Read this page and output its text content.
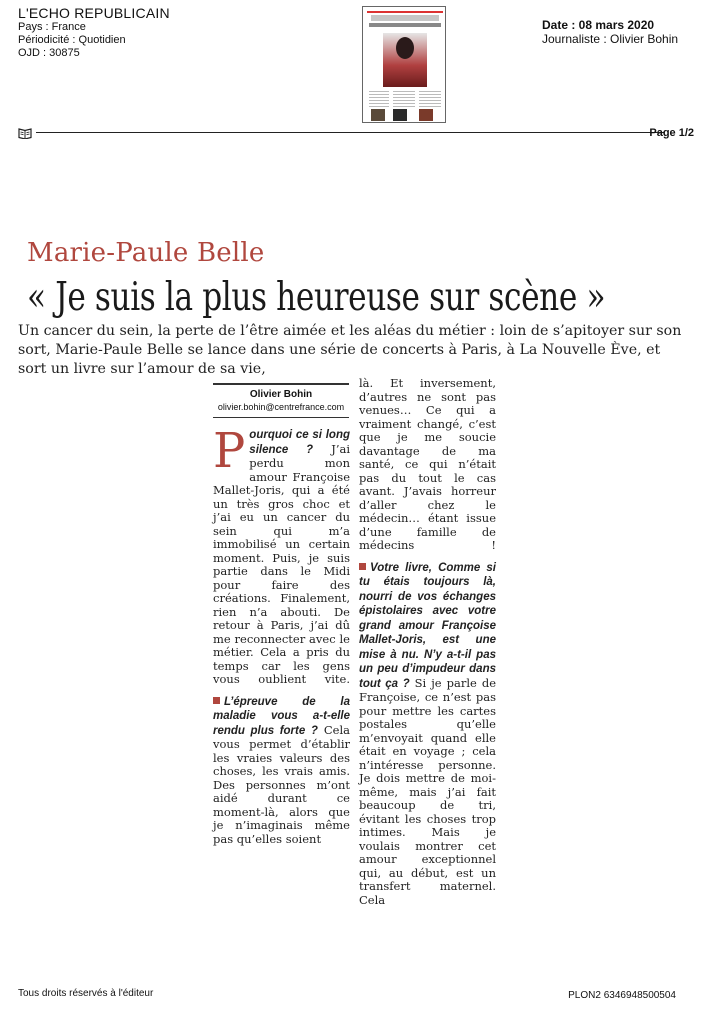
L'ECHO REPUBLICAIN
Pays : France
Périodicité : Quotidien
OJD : 30875
Date : 08 mars 2020
Journaliste : Olivier Bohin
Page 1/2
Marie-Paule Belle
« Je suis la plus heureuse sur scène »
Un cancer du sein, la perte de l’être aimée et les aléas du métier : loin de s’apitoyer sur son sort, Marie-Paule Belle se lance dans une série de concerts à Paris, à La Nouvelle Ève, et sort un livre sur l’amour de sa vie,
Olivier Bohin
olivier.bohin@centrefrance.com

P ourquoi ce si long silence ? J’ai perdu mon amour Françoise Mallet-Joris, qui a été un très gros choc et j’ai eu un cancer du sein qui m’a immobilisé un certain moment. Puis, je suis partie dans le Midi pour faire des créations. Finalement, rien n’a abouti. De retour à Paris, j’ai dû me reconnecter avec le métier. Cela a pris du temps car les gens vous oublient vite.

L’épreuve de la maladie vous a-t-elle rendu plus forte ? Cela vous permet d’établir les vraies valeurs des choses, les vrais amis. Des personnes m’ont aidé durant ce moment-là, alors que je n’imaginais même pas qu’elles soient

là. Et inversement, d’autres ne sont pas venues… Ce qui a vraiment changé, c’est que je me soucie davantage de ma santé, ce qui n’était pas du tout le cas avant. J’avais horreur d’aller chez le médecin… étant issue d’une famille de médecins !

Votre livre, Comme si tu étais toujours là, nourri de vos échanges épistolaires avec votre grand amour Françoise Mallet-Joris, est une mise à nu. N’y a-t-il pas un peu d’impudeur dans tout ça ? Si je parle de Françoise, ce n’est pas pour mettre les cartes postales qu’elle m’envoyait quand elle était en voyage ; cela n’intéresse personne. Je dois mettre de moi-même, mais j’ai fait beaucoup de tri, évitant les choses trop intimes. Mais je voulais montrer cet amour exceptionnel qui, au début, est un transfert maternel. Cela

Tous droits réservés à l'éditeur	PLON2 6346948500504
